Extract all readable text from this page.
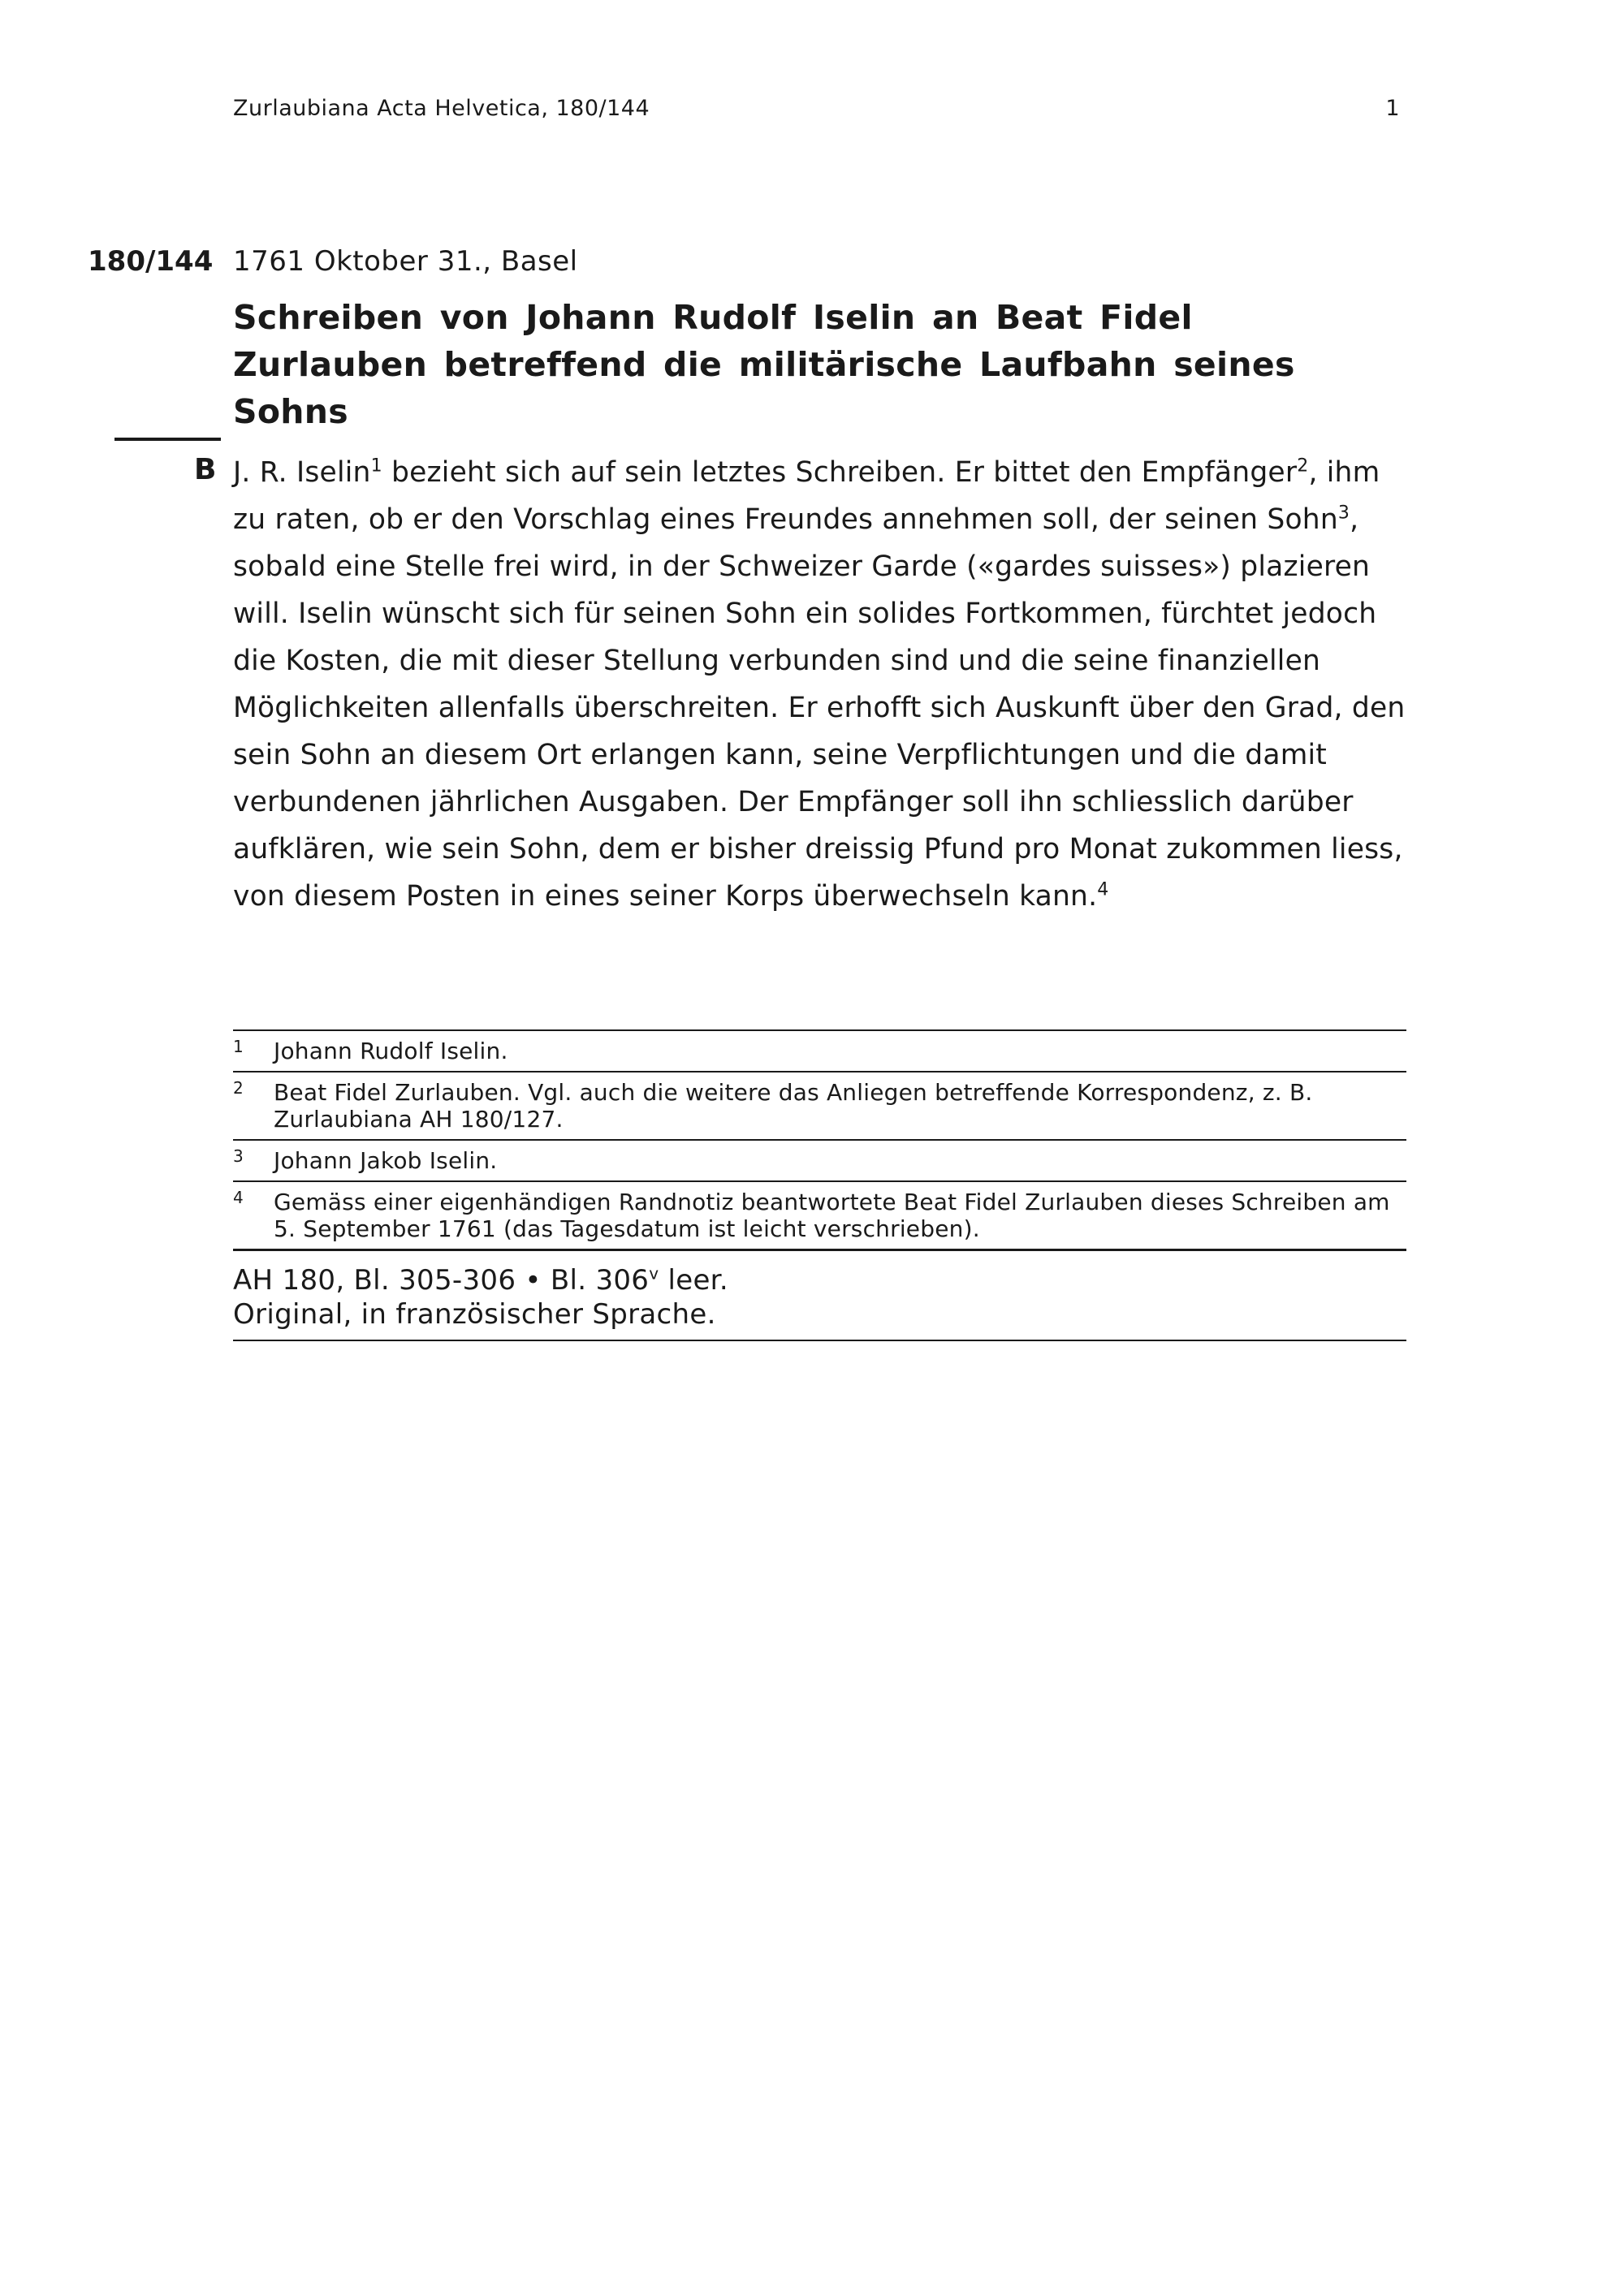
Zurlaubiana Acta Helvetica, 180/144	1
180/144 1761 Oktober 31., Basel
Schreiben von Johann Rudolf Iselin an Beat Fidel Zurlauben betreffend die militärische Laufbahn seines Sohns
B J. R. Iselin$^1$ bezieht sich auf sein letztes Schreiben. Er bittet den Empfänger$^2$, ihm zu raten, ob er den Vorschlag eines Freundes annehmen soll, der seinen Sohn$^3$, sobald eine Stelle frei wird, in der Schweizer Garde («gardes suisses») plazieren will. Iselin wünscht sich für seinen Sohn ein solides Fortkommen, fürchtet jedoch die Kosten, die mit dieser Stellung verbunden sind und die seine finanziellen Möglichkeiten allenfalls überschreiten. Er erhofft sich Auskunft über den Grad, den sein Sohn an diesem Ort erlangen kann, seine Verpflichtungen und die damit verbundenen jährlichen Ausgaben. Der Empfänger soll ihn schliesslich darüber aufklären, wie sein Sohn, dem er bisher dreissig Pfund pro Monat zukommen liess, von diesem Posten in eines seiner Korps überwechseln kann.$^4$
1 Johann Rudolf Iselin.
2 Beat Fidel Zurlauben. Vgl. auch die weitere das Anliegen betreffende Korrespondenz, z. B. Zurlaubiana AH 180/127.
3 Johann Jakob Iselin.
4 Gemäss einer eigenhändigen Randnotiz beantwortete Beat Fidel Zurlauben dieses Schreiben am 5. September 1761 (das Tagesdatum ist leicht verschrieben).
AH 180, Bl. 305-306 • Bl. 306$^v$ leer.
Original, in französischer Sprache.
